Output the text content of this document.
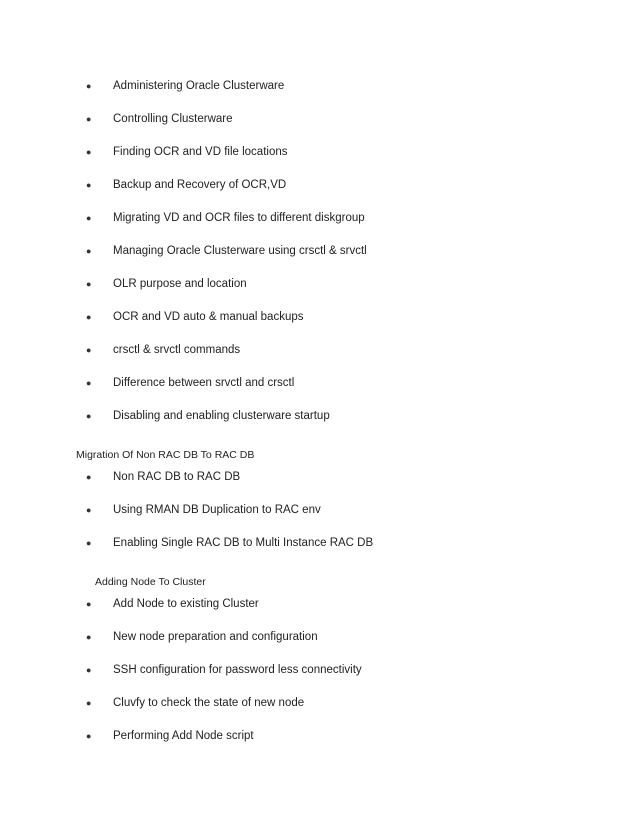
● Administering Oracle Clusterware
● Controlling Clusterware
● Finding OCR and VD file locations
● Backup and Recovery of OCR,VD
● Migrating VD and OCR files to different diskgroup
● Managing Oracle Clusterware using crsctl & srvctl
● OLR purpose and location
● OCR and VD auto & manual backups
● crsctl & srvctl commands
● Difference between srvctl and crsctl
● Disabling and enabling clusterware startup
Migration Of Non RAC DB To RAC DB
● Non RAC DB to RAC DB
● Using RMAN DB Duplication to RAC env
● Enabling Single RAC DB to Multi Instance RAC DB
Adding Node To Cluster
● Add Node to existing Cluster
● New node preparation and configuration
● SSH configuration for password less connectivity
● Cluvfy to check the state of new node
● Performing Add Node script
